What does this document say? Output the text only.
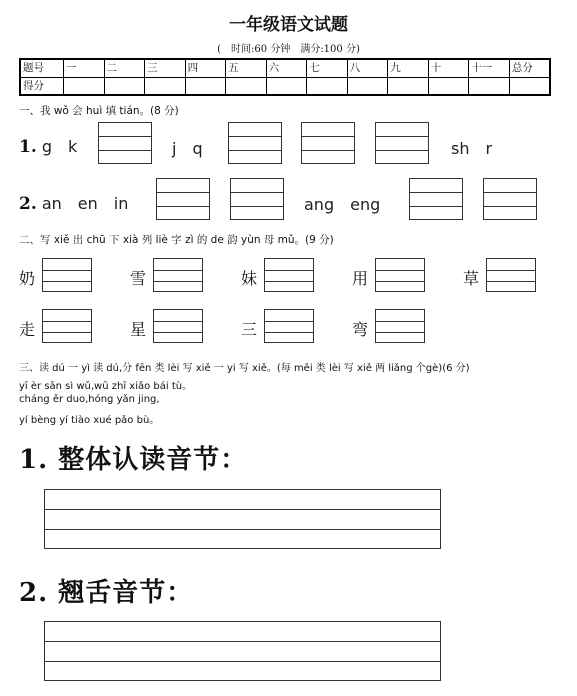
一年级语文试题
(　时间:60 分钟　满分:100 分)
题号	一	二	三	四	五	六	七	八	九	十	十一	总分
得分												
一、我 wǒ 会 huì 填 tián。(8 分)
1. g　k	j　q	sh　r
2. an　en　in	ang　eng
二、写 xiě 出 chū 下 xià 列 liè 字 zì 的 de 韵 yùn 母 mǔ。(9 分)
奶	雪	妹	用	草
走	星	三	弯
三、读 dú 一 yì 读 dú,分 fēn 类 lèi 写 xiě 一 yi 写 xiě。(每 měi 类 lèi 写 xiě 两 liǎng 个gè)(6 分)
yī èr sān sì wǔ,wū zhī xiǎo bái tù。
cháng ěr duo,hóng yǎn jing,
yí bèng yí tiào xué pǎo bù。
1. 整体认读音节：
2. 翘舌音节：
